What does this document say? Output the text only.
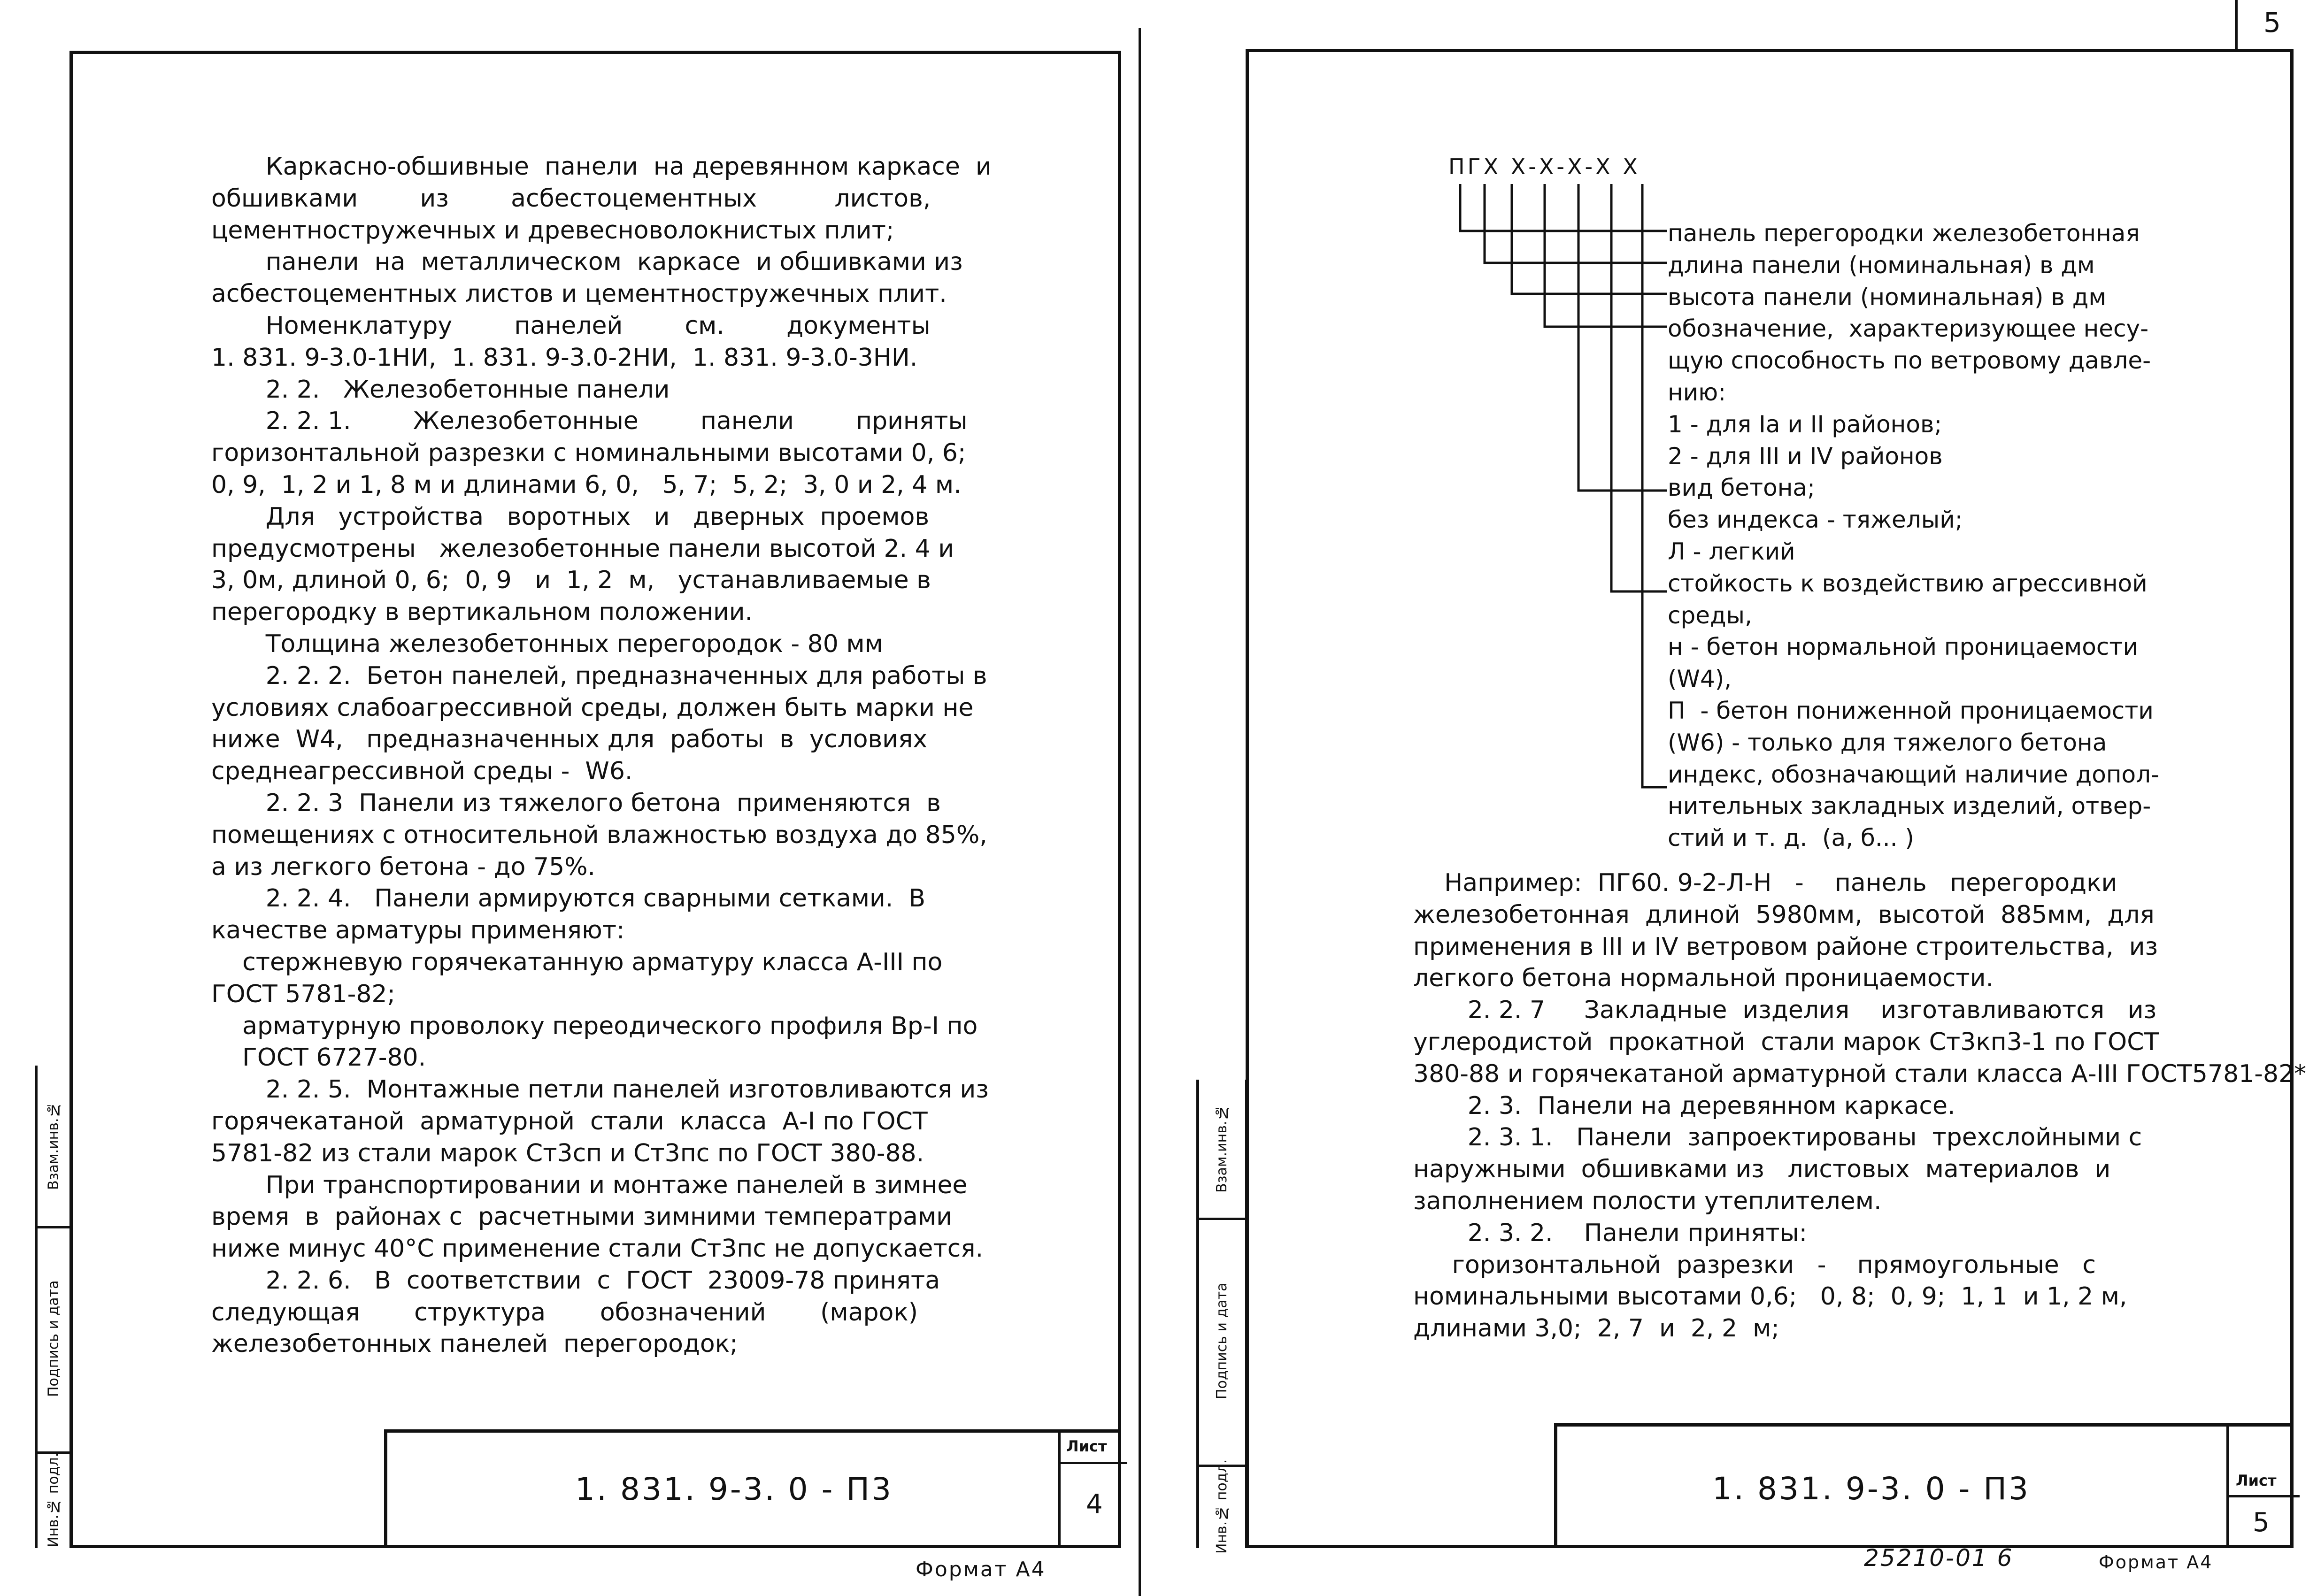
Каркасно-обшивные  панели  на деревянном каркасе  и
обшивками        из        асбестоцементных          листов,
цементностружечных и древесноволокнистых плит;
панели  на  металлическом  каркасе  и обшивками из
асбестоцементных листов и цементностружечных плит.
Номенклатуру        панелей        см.        документы
1. 831. 9-3.0-1НИ,  1. 831. 9-3.0-2НИ,  1. 831. 9-3.0-3НИ.
2. 2.   Железобетонные панели
2. 2. 1.        Железобетонные        панели        приняты
горизонтальной разрезки с номинальными высотами 0, 6;
0, 9,  1, 2 и 1, 8 м и длинами 6, 0,   5, 7;  5, 2;  3, 0 и 2, 4 м.
Для   устройства   воротных   и   дверных  проемов
предусмотрены   железобетонные панели высотой 2. 4 и
3, 0м, длиной 0, 6;  0, 9   и  1, 2  м,   устанавливаемые в
перегородку в вертикальном положении.
Толщина железобетонных перегородок - 80 мм
2. 2. 2.  Бетон панелей, предназначенных для работы в
условиях слабоагрессивной среды, должен быть марки не
ниже  W4,   предназначенных для  работы  в  условиях
среднеагрессивной среды -  W6.
2. 2. 3  Панели из тяжелого бетона  применяются  в
помещениях с относительной влажностью воздуха до 85%,
а из легкого бетона - до 75%.
2. 2. 4.   Панели армируются сварными сетками.  В
качестве арматуры применяют:
стержневую горячекатанную арматуру класса А-III по
ГОСТ 5781-82;
арматурную проволоку переодического профиля Вр-I по
ГОСТ 6727-80.
2. 2. 5.  Монтажные петли панелей изготовливаются из
горячекатаной  арматурной  стали  класса  А-I по ГОСТ
5781-82 из стали марок Ст3сп и Ст3пс по ГОСТ 380-88.
При транспортировании и монтаже панелей в зимнее
время  в  районах с  расчетными зимними температрами
ниже минус 40°С применение стали Ст3пс не допускается.
2. 2. 6.   В  соответствии  с  ГОСТ  23009-78 принята
следующая       структура       обозначений       (марок)
железобетонных панелей  перегородок;
Инв.№ подл.
Подпись и дата
Взам.инв.№
1. 831. 9-3. 0 - П3
Лист
4
Формат А4
5
ПГХ Х-Х-Х-Х Х
панель перегородки железобетонная
длина панели (номинальная) в дм
высота панели (номинальная) в дм
обозначение,  характеризующее несу-
щую способность по ветровому давле-
нию:
1 - для Iа и II районов;
2 - для III и IV районов
вид бетона;
без индекса - тяжелый;
Л - легкий
стойкость к воздействию агрессивной
среды,
н - бетон нормальной проницаемости
(W4),
П  - бетон пониженной проницаемости
(W6) - только для тяжелого бетона
индекс, обозначающий наличие допол-
нительных закладных изделий, отвер-
стий и т. д.  (а, б... )
Например:  ПГ60. 9-2-Л-Н   -    панель   перегородки
железобетонная  длиной  5980мм,  высотой  885мм,  для
применения в III и IV ветровом районе строительства,  из
легкого бетона нормальной проницаемости.
2. 2. 7     Закладные  изделия    изготавливаются   из
углеродистой  прокатной  стали марок Ст3кп3-1 по ГОСТ
380-88 и горячекатаной арматурной стали класса А-III ГОСТ5781-82*
2. 3.  Панели на деревянном каркасе.
2. 3. 1.   Панели  запроектированы  трехслойными с
наружными  обшивками из   листовых  материалов  и
заполнением полости утеплителем.
2. 3. 2.    Панели приняты:
горизонтальной  разрезки   -    прямоугольные   с
номинальными высотами 0,6;   0, 8;  0, 9;  1, 1  и 1, 2 м,
длинами 3,0;  2, 7  и  2, 2  м;
Инв.№ подл.
Подпись и дата
Взам.инв.№
1. 831. 9-3. 0 - П3	Лист
5
25210-01 6	Формат А4
